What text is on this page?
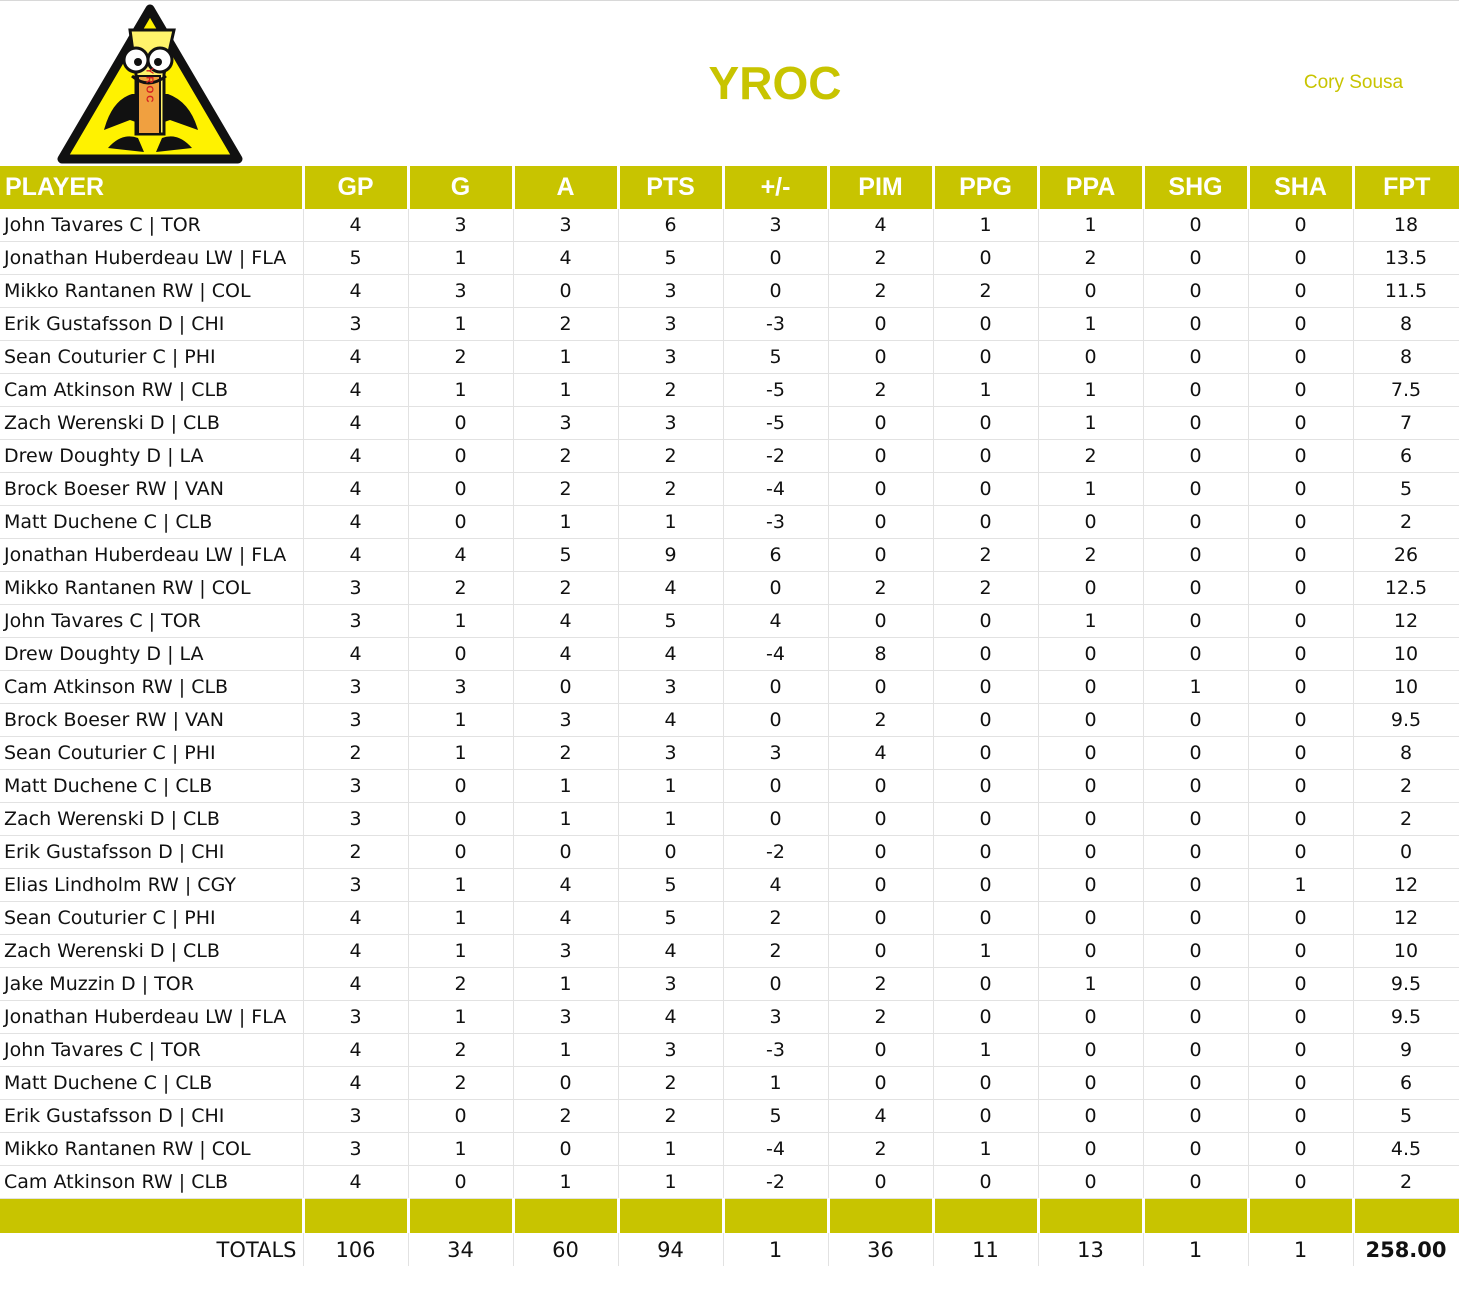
YROC	YROC	Cory Sousa
PLAYER	GP	G	A	PTS	+/-	PIM	PPG	PPA	SHG	SHA	FPT
John Tavares C | TOR	4	3	3	6	3	4	1	1	0	0	18
Jonathan Huberdeau LW | FLA	5	1	4	5	0	2	0	2	0	0	13.5
Mikko Rantanen RW | COL	4	3	0	3	0	2	2	0	0	0	11.5
Erik Gustafsson D | CHI	3	1	2	3	-3	0	0	1	0	0	8
Sean Couturier C | PHI	4	2	1	3	5	0	0	0	0	0	8
Cam Atkinson RW | CLB	4	1	1	2	-5	2	1	1	0	0	7.5
Zach Werenski D | CLB	4	0	3	3	-5	0	0	1	0	0	7
Drew Doughty D | LA	4	0	2	2	-2	0	0	2	0	0	6
Brock Boeser RW | VAN	4	0	2	2	-4	0	0	1	0	0	5
Matt Duchene C | CLB	4	0	1	1	-3	0	0	0	0	0	2
Jonathan Huberdeau LW | FLA	4	4	5	9	6	0	2	2	0	0	26
Mikko Rantanen RW | COL	3	2	2	4	0	2	2	0	0	0	12.5
John Tavares C | TOR	3	1	4	5	4	0	0	1	0	0	12
Drew Doughty D | LA	4	0	4	4	-4	8	0	0	0	0	10
Cam Atkinson RW | CLB	3	3	0	3	0	0	0	0	1	0	10
Brock Boeser RW | VAN	3	1	3	4	0	2	0	0	0	0	9.5
Sean Couturier C | PHI	2	1	2	3	3	4	0	0	0	0	8
Matt Duchene C | CLB	3	0	1	1	0	0	0	0	0	0	2
Zach Werenski D | CLB	3	0	1	1	0	0	0	0	0	0	2
Erik Gustafsson D | CHI	2	0	0	0	-2	0	0	0	0	0	0
Elias Lindholm RW | CGY	3	1	4	5	4	0	0	0	0	1	12
Sean Couturier C | PHI	4	1	4	5	2	0	0	0	0	0	12
Zach Werenski D | CLB	4	1	3	4	2	0	1	0	0	0	10
Jake Muzzin D | TOR	4	2	1	3	0	2	0	1	0	0	9.5
Jonathan Huberdeau LW | FLA	3	1	3	4	3	2	0	0	0	0	9.5
John Tavares C | TOR	4	2	1	3	-3	0	1	0	0	0	9
Matt Duchene C | CLB	4	2	0	2	1	0	0	0	0	0	6
Erik Gustafsson D | CHI	3	0	2	2	5	4	0	0	0	0	5
Mikko Rantanen RW | COL	3	1	0	1	-4	2	1	0	0	0	4.5
Cam Atkinson RW | CLB	4	0	1	1	-2	0	0	0	0	0	2

TOTALS	106	34	60	94	1	36	11	13	1	1	258.00
